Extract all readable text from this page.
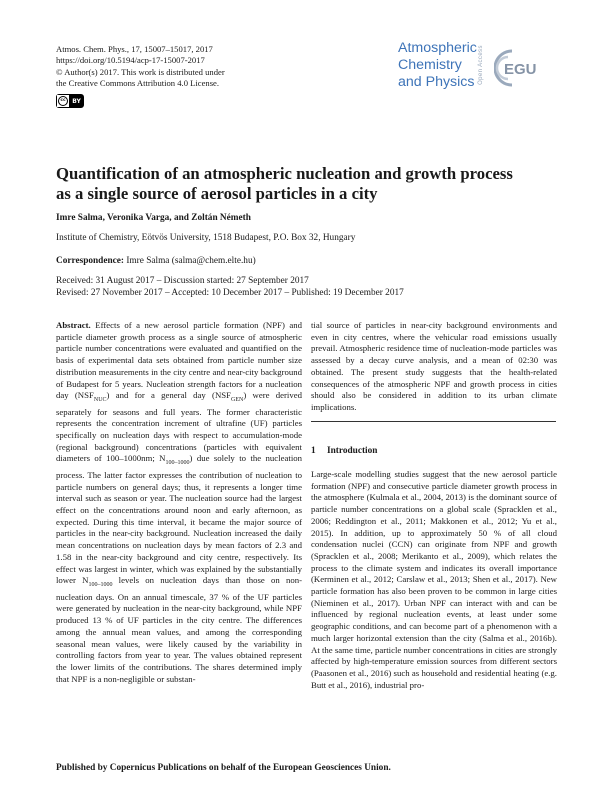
Atmos. Chem. Phys., 17, 15007–15017, 2017
https://doi.org/10.5194/acp-17-15007-2017
© Author(s) 2017. This work is distributed under
the Creative Commons Attribution 4.0 License.
cc	BY
Atmospheric
Chemistry
and Physics Open Access EGU
Quantification of an atmospheric nucleation and growth process
as a single source of aerosol particles in a city
Imre Salma, Veronika Varga, and Zoltán Németh
Institute of Chemistry, Eötvös University, 1518 Budapest, P.O. Box 32, Hungary
Correspondence: Imre Salma (salma@chem.elte.hu)
Received: 31 August 2017 – Discussion started: 27 September 2017
Revised: 27 November 2017 – Accepted: 10 December 2017 – Published: 19 December 2017

Abstract. Effects of a new aerosol particle formation (NPF) and particle diameter growth process as a single source of atmospheric particle number concentrations were evaluated and quantified on the basis of experimental data sets obtained from particle number size distribution measurements in the city centre and near-city background of Budapest for 5 years. Nucleation strength factors for a nucleation day $(NSF_{NUC})$ and for a general day $(NSF_{GEN})$ were derived separately for seasons and full years. The former characteristic represents the concentration increment of ultrafine (UF) particles specifically on nucleation days with respect to accumulation-mode (regional background) concentrations (particles with equivalent diameters of 100–1000nm; $N_{100-1000}$) due solely to the nucleation process. The latter factor expresses the contribution of nucleation to particle numbers on general days; thus, it represents a longer time interval such as season or year. The nucleation source had the largest effect on the concentrations around noon and early afternoon, as expected. During this time interval, it became the major source of particles in the near-city background. Nucleation increased the daily mean concentrations on nucleation days by mean factors of 2.3 and 1.58 in the near-city background and city centre, respectively. Its effect was largest in winter, which was explained by the substantially lower $N_{100-1000}$ levels on nucleation days than those on non-nucleation days. On an annual timescale, 37 % of the UF particles were generated by nucleation in the near-city background, while NPF produced 13 % of UF particles in the city centre. The differences among the annual mean values, and among the corresponding seasonal mean values, were likely caused by the variability in controlling factors from year to year. The values obtained represent the lower limits of the contributions. The shares determined imply that NPF is a non-negligible or substan-

tial source of particles in near-city background environments and even in city centres, where the vehicular road emissions usually prevail. Atmospheric residence time of nucleation-mode particles was assessed by a decay curve analysis, and a mean of 02:30 was obtained. The present study suggests that the health-related consequences of the atmospheric NPF and growth process in cities should also be considered in addition to its urban climate implications.

1 Introduction

Large-scale modelling studies suggest that the new aerosol particle formation (NPF) and consecutive particle diameter growth process in the atmosphere (Kulmala et al., 2004, 2013) is the dominant source of particle number concentrations on a global scale (Spracklen et al., 2006; Reddington et al., 2011; Makkonen et al., 2012; Yu et al., 2015). In addition, up to approximately 50 % of all cloud condensation nuclei (CCN) can originate from NPF and growth (Spracklen et al., 2008; Merikanto et al., 2009), which relates the process to the climate system and indicates its overall importance (Kerminen et al., 2012; Carslaw et al., 2013; Shen et al., 2017). New particle formation has also been proven to be common in large cities (Nieminen et al., 2017). Urban NPF can interact with and can be influenced by regional nucleation events, at least under some geographic conditions, and can become part of a phenomenon with a much larger horizontal extension than the city (Salma et al., 2016b). At the same time, particle number concentrations in cities are strongly affected by high-temperature emission sources from different sectors (Paasonen et al., 2016) such as household and residential heating (e.g. Butt et al., 2016), industrial pro-

Published by Copernicus Publications on behalf of the European Geosciences Union.
